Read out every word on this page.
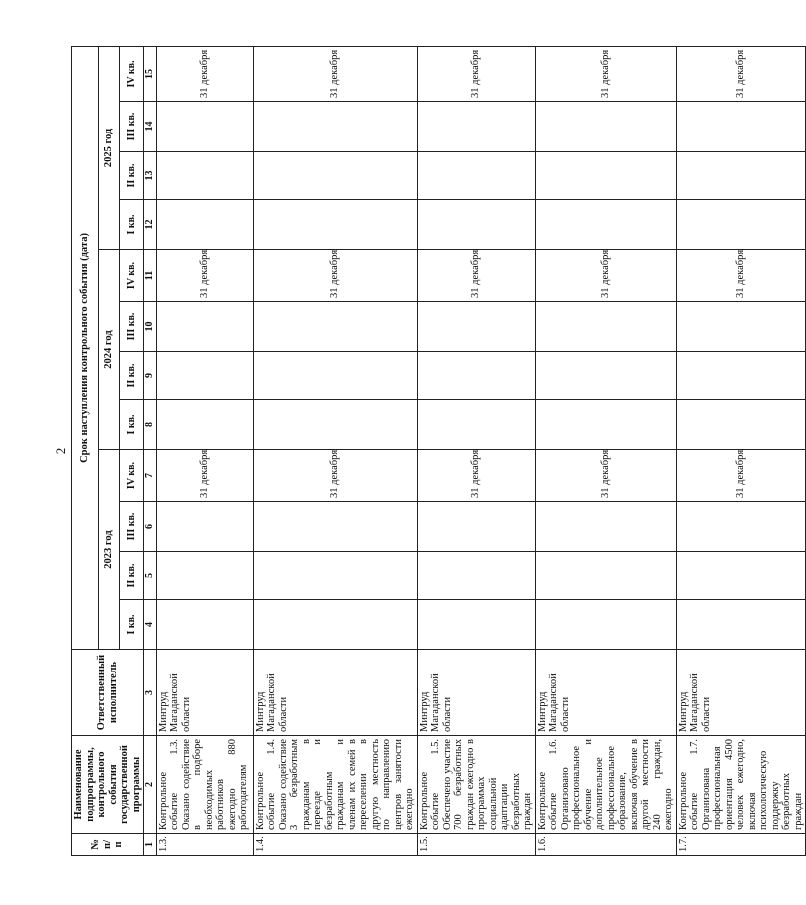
2
№ п/п	Наименование подпрограммы, контрольного события государственной программы	Ответственный исполнитель	Срок наступления контрольного события (дата)											
			2023 год				2024 год				2025 год			
			I кв.	II кв.	III кв.	IV кв.	I кв.	II кв.	III кв.	IV кв.	I кв.	II кв.	III кв.	IV кв.
1	2	3	4	5	6	7	8	9	10	11	12	13	14	15
1.3.	Контрольное событие 1.3. Оказано содействие в подборе необходимых работников ежегодно 880 работодателям	Минтруд Магаданской области				31 декабря				31 декабря				31 декабря
1.4.	Контрольное событие 1.4. Оказано содействие 3 безработным гражданам в переезде и безработным гражданам и членам их семей в переселении в другую местность по направлению центров занятости ежегодно	Минтруд Магаданской области				31 декабря				31 декабря				31 декабря
1.5.	Контрольное событие 1.5. Обеспечено участие 700 безработных граждан ежегодно в программах социальной адаптации безработных граждан	Минтруд Магаданской области				31 декабря				31 декабря				31 декабря
1.6.	Контрольное событие 1.6. Организовано профессиональное обучение и дополнительное профессиональное образование, включая обучение в другой местности 240 граждан, ежегодно	Минтруд Магаданской области				31 декабря				31 декабря				31 декабря
1.7.	Контрольное событие 1.7. Организована профессиональная ориентация 4500 человек ежегодно, включая психологическую поддержку безработных граждан	Минтруд Магаданской области				31 декабря				31 декабря				31 декабря
